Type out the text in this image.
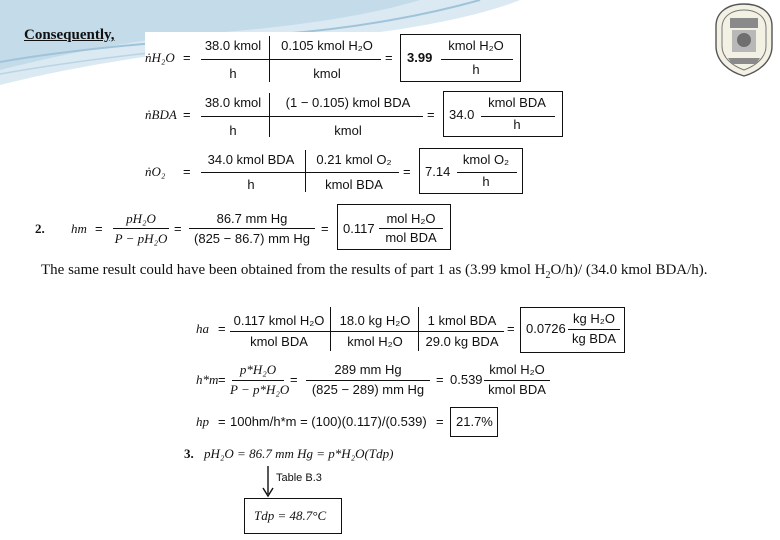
Consequently,
ṅH₂O =
38.0 kmol
h
0.105 kmol H₂O
kmol
= 3.99
kmol H₂O
h
ṅBDA =
38.0 kmol
h
(1 − 0.105) kmol BDA
kmol
= 34.0
kmol BDA
h
ṅO₂ =
34.0 kmol BDA
h
0.21 kmol O₂
kmol BDA
= 7.14
kmol O₂
h
2. hm =
pH₂O
P − pH₂O
=
86.7 mm Hg
(825 − 86.7) mm Hg
= 0.117
mol H₂O
mol BDA
The same result could have been obtained from the results of part 1 as (3.99 kmol $H_2O/h)/$ (34.0 kmol BDA/h).
ha =
0.117 kmol H₂O
kmol BDA
18.0 kg H₂O
kmol H₂O
1 kmol BDA
29.0 kg BDA
= 0.0726
kg H₂O
kg BDA
h*m =
p*H₂O
P − p*H₂O
=
289 mm Hg
(825 − 289) mm Hg
= 0.539
kmol H₂O
kmol BDA
hp = 100hm/h*m = (100)(0.117)/(0.539) = 21.7%
3. pH₂O = 86.7 mm Hg = p*H₂O(Tdp)
Table B.3
Tdp = 48.7°C
